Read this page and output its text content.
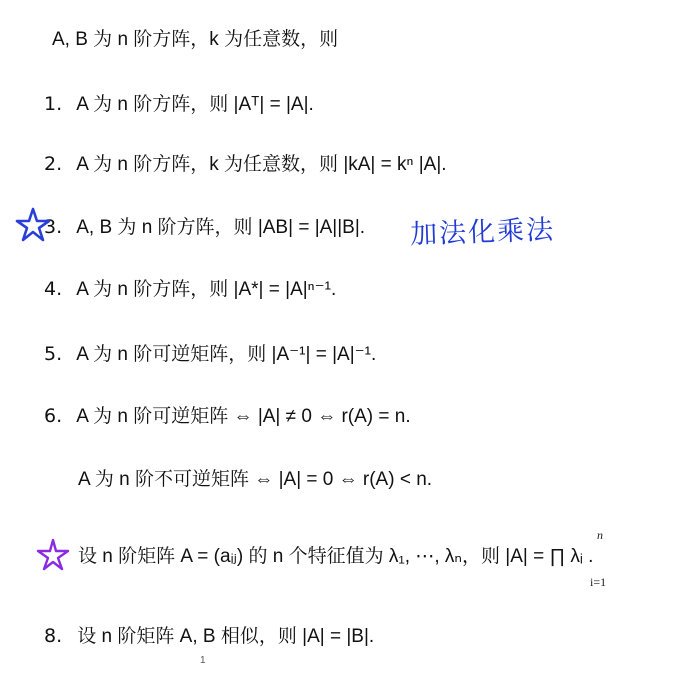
A, B 为 n 阶方阵，k 为任意数，则
1. A 为 n 阶方阵，则 |Aᵀ| = |A|.
2. A 为 n 阶方阵，k 为任意数，则 |kA| = kⁿ |A|.
3. A, B 为 n 阶方阵，则 |AB| = |A||B|.
4. A 为 n 阶方阵，则 |A*| = |A|ⁿ⁻¹.
5. A 为 n 阶可逆矩阵，则 |A⁻¹| = |A|⁻¹.
6. A 为 n 阶可逆矩阵 ⇔ |A| ≠ 0 ⇔ r(A) = n.
A 为 n 阶不可逆矩阵 ⇔ |A| = 0 ⇔ r(A) < n.
设 n 阶矩阵 A = (aᵢⱼ) 的 n 个特征值为 λ₁, ⋯, λₙ，则 |A| = ∏ λᵢ .
8. 设 n 阶矩阵 A, B 相似，则 |A| = |B|.
n
i=1
加法化乘法
1
